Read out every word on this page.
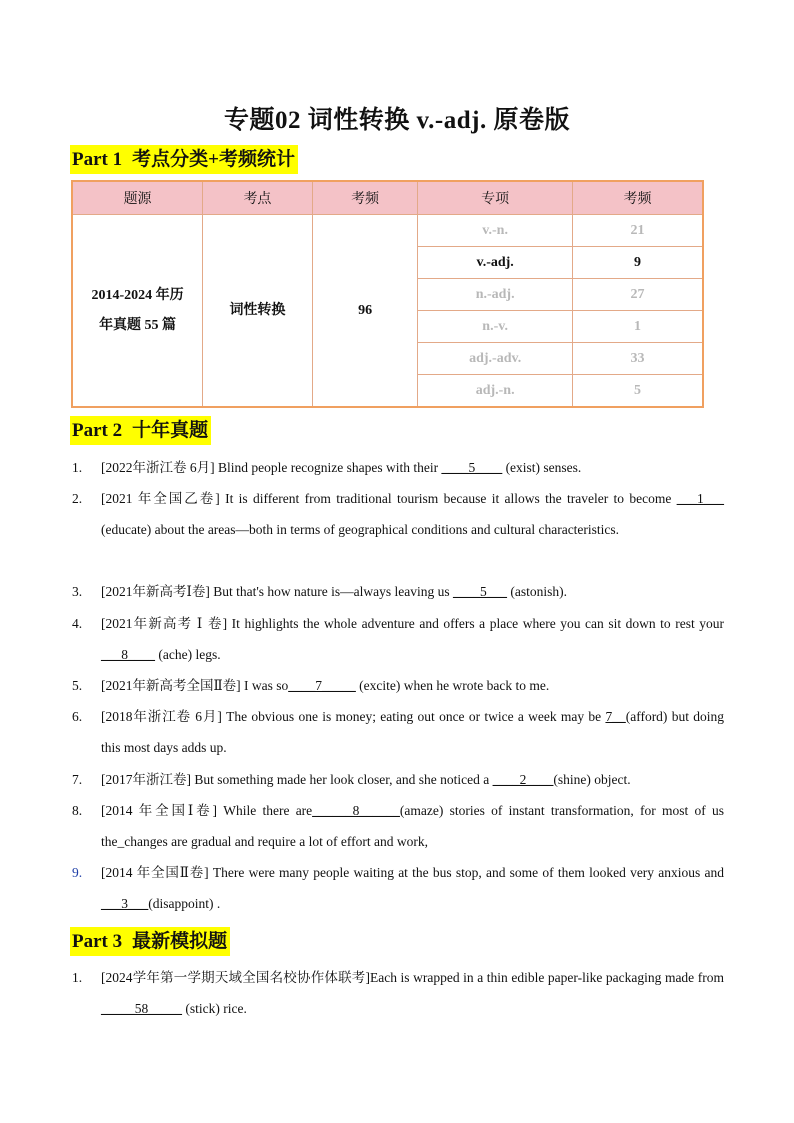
专题02 词性转换 v.-adj. 原卷版
Part 1 考点分类+考频统计
题源	考点	考频	专项	考频

2014-2024 年历
年真题 55 篇	词性转换	96	v.-n.	21
			v.-adj.	9
			n.-adj.	27
			n.-v.	1
			adj.-adv.	33
			adj.-n.	5
Part 2 十年真题
1. [2022年浙江卷 6月] Blind people recognize shapes with their ____5____ (exist) senses.
2. [2021 年全国乙卷] It is different from traditional tourism because it allows the traveler to become ___1___ (educate) about the areas—both in terms of geographical conditions and cultural characteristics.
3. [2021年新高考Ⅰ卷] But that's how nature is—always leaving us ____5___ (astonish).
4. [2021年新高考 Ⅰ 卷] It highlights the whole adventure and offers a place where you can sit down to rest your ___8____ (ache) legs.
5. [2021年新高考全国Ⅱ卷] I was so____7_____ (excite) when he wrote back to me.
6. [2018年浙江卷 6月] The obvious one is money; eating out once or twice a week may be 7__(afford) but doing this most days adds up.
7. [2017年浙江卷] But something made her look closer, and she noticed a ____2____(shine) object.
8. [2014 年全国Ⅰ卷] While there are______8______(amaze) stories of instant transformation, for most of us the_changes are gradual and require a lot of effort and work,
9. [2014 年全国Ⅱ卷] There were many people waiting at the bus stop, and some of them looked very anxious and ___3___(disappoint) .
Part 3 最新模拟题
1. [2024学年第一学期天域全国名校协作体联考]Each is wrapped in a thin edible paper-like packaging made from _____58_____ (stick) rice.
